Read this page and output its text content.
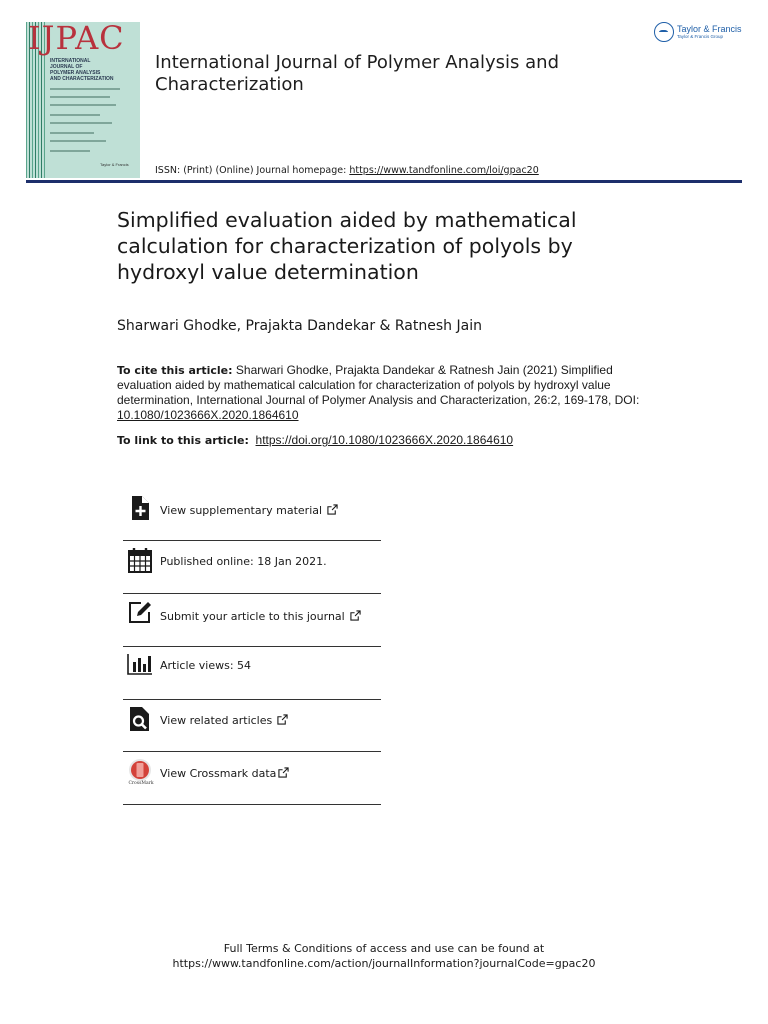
IJPAC
INTERNATIONAL
JOURNAL OF
POLYMER ANALYSIS
AND CHARACTERIZATION
Taylor & Francis
International Journal of Polymer Analysis and Characterization
ISSN: (Print) (Online) Journal homepage: https://www.tandfonline.com/loi/gpac20
Taylor & Francis
Taylor & Francis Group
Simplified evaluation aided by mathematical calculation for characterization of polyols by hydroxyl value determination
Sharwari Ghodke, Prajakta Dandekar & Ratnesh Jain
To cite this article: Sharwari Ghodke, Prajakta Dandekar & Ratnesh Jain (2021) Simplified evaluation aided by mathematical calculation for characterization of polyols by hydroxyl value determination, International Journal of Polymer Analysis and Characterization, 26:2, 169-178, DOI: 10.1080/1023666X.2020.1864610
To link to this article: https://doi.org/10.1080/1023666X.2020.1864610
View supplementary material
Published online: 18 Jan 2021.
Submit your article to this journal
Article views: 54
View related articles
CrossMark
View Crossmark data
Full Terms & Conditions of access and use can be found at
https://www.tandfonline.com/action/journalInformation?journalCode=gpac20
